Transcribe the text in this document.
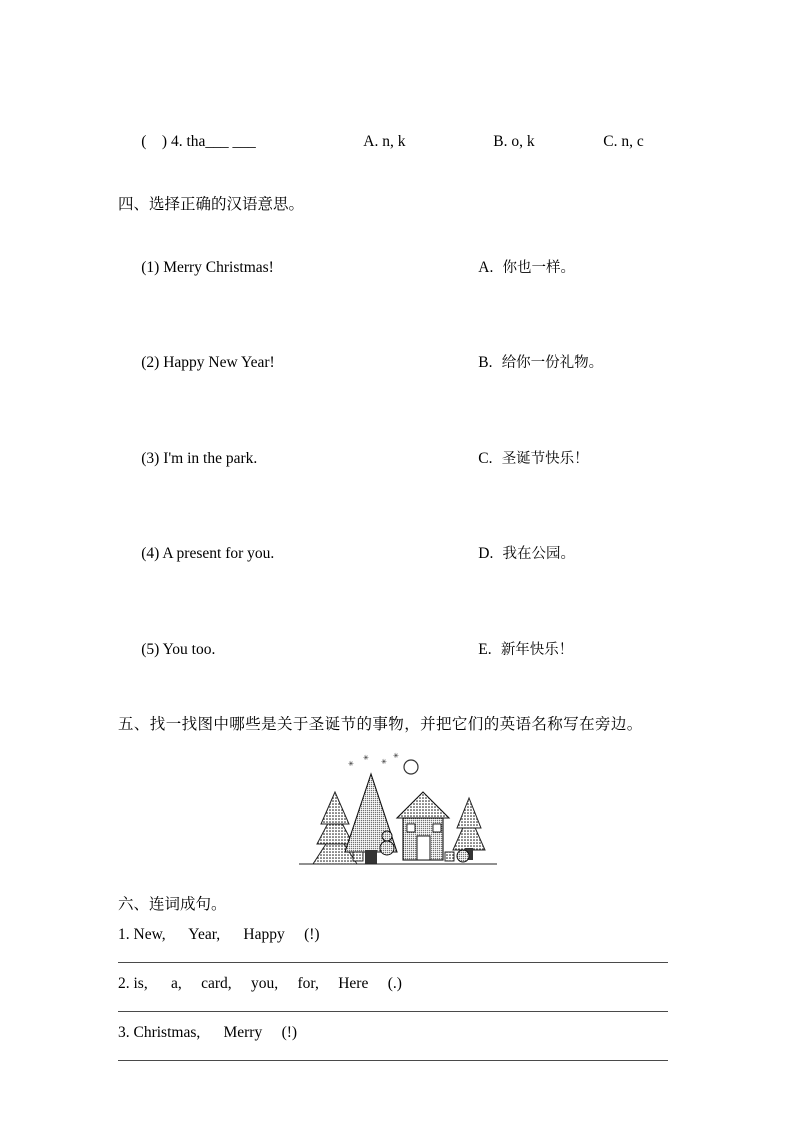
(    ) 4. tha___ ___	A. n, k	B. o, k	C. n, c

四、选择正确的汉语意思。

(1) Merry Christmas!	A. 你也一样。

(2) Happy New Year!	B. 给你一份礼物。

(3) I'm in the park.	C. 圣诞节快乐！

(4) A present for you.	D. 我在公园。

(5) You too.	E. 新年快乐！

五、找一找图中哪些是关于圣诞节的事物，并把它们的英语名称写在旁边。
✳
✳ ✳
✳
六、连词成句。
1. New,      Year,      Happy     (!)
2. is,      a,     card,     you,     for,     Here     (.)
3. Christmas,      Merry     (!)
